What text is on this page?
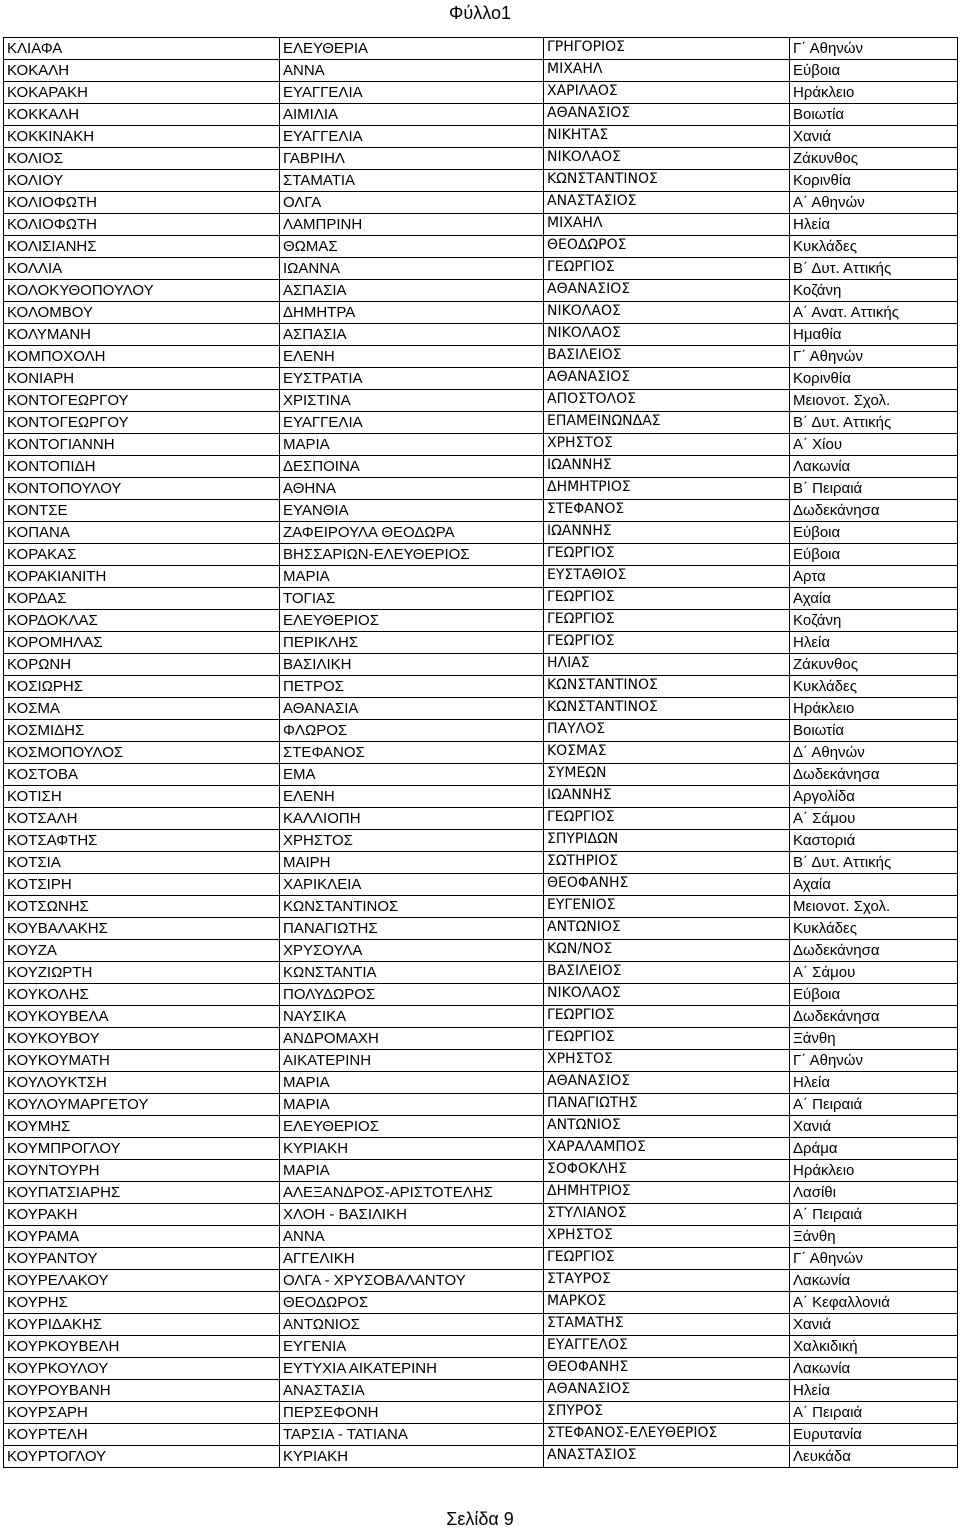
Φύλλο1
ΚΛΙΑΦΑ	ΕΛΕΥΘΕΡΙΑ	ΓΡΗΓΟΡΙΟΣ	Γ΄ Αθηνών
ΚΟΚΑΛΗ	ΑΝΝΑ	ΜΙΧΑΗΛ	Εύβοια
ΚΟΚΑΡΑΚΗ	ΕΥΑΓΓΕΛΙΑ	ΧΑΡΙΛΑΟΣ	Ηράκλειο
ΚΟΚΚΑΛΗ	ΑΙΜΙΛΙΑ	ΑΘΑΝΑΣΙΟΣ	Βοιωτία
ΚΟΚΚΙΝΑΚΗ	ΕΥΑΓΓΕΛΙΑ	ΝΙΚΗΤΑΣ	Χανιά
ΚΟΛΙΟΣ	ΓΑΒΡΙΗΛ	ΝΙΚΟΛΑΟΣ	Ζάκυνθος
ΚΟΛΙΟΥ	ΣΤΑΜΑΤΙΑ	ΚΩΝΣΤΑΝΤΙΝΟΣ	Κορινθία
ΚΟΛΙΟΦΩΤΗ	ΟΛΓΑ	ΑΝΑΣΤΑΣΙΟΣ	Α΄ Αθηνών
ΚΟΛΙΟΦΩΤΗ	ΛΑΜΠΡΙΝΗ	ΜΙΧΑΗΛ	Ηλεία
ΚΟΛΙΣΙΑΝΗΣ	ΘΩΜΑΣ	ΘΕΟΔΩΡΟΣ	Κυκλάδες
ΚΟΛΛΙΑ	ΙΩΑΝΝΑ	ΓΕΩΡΓΙΟΣ	Β΄ Δυτ. Αττικής
ΚΟΛΟΚΥΘΟΠΟΥΛΟΥ	ΑΣΠΑΣΙΑ	ΑΘΑΝΑΣΙΟΣ	Κοζάνη
ΚΟΛΟΜΒΟΥ	ΔΗΜΗΤΡΑ	ΝΙΚΟΛΑΟΣ	Α΄ Ανατ. Αττικής
ΚΟΛΥΜΑΝΗ	ΑΣΠΑΣΙΑ	ΝΙΚΟΛΑΟΣ	Ημαθία
ΚΟΜΠΟΧΟΛΗ	ΕΛΕΝΗ	ΒΑΣΙΛΕΙΟΣ	Γ΄ Αθηνών
ΚΟΝΙΑΡΗ	ΕΥΣΤΡΑΤΙΑ	ΑΘΑΝΑΣΙΟΣ	Κορινθία
ΚΟΝΤΟΓΕΩΡΓΟΥ	ΧΡΙΣΤΙΝΑ	ΑΠΟΣΤΟΛΟΣ	Μειονοτ. Σχολ.
ΚΟΝΤΟΓΕΩΡΓΟΥ	ΕΥΑΓΓΕΛΙΑ	ΕΠΑΜΕΙΝΩΝΔΑΣ	Β΄ Δυτ. Αττικής
ΚΟΝΤΟΓΙΑΝΝΗ	ΜΑΡΙΑ	ΧΡΗΣΤΟΣ	Α΄ Χίου
ΚΟΝΤΟΠΙΔΗ	ΔΕΣΠΟΙΝΑ	ΙΩΑΝΝΗΣ	Λακωνία
ΚΟΝΤΟΠΟΥΛΟΥ	ΑΘΗΝΑ	ΔΗΜΗΤΡΙΟΣ	Β΄ Πειραιά
ΚΟΝΤΣΕ	ΕΥΑΝΘΙΑ	ΣΤΕΦΑΝΟΣ	Δωδεκάνησα
ΚΟΠΑΝΑ	ΖΑΦΕΙΡΟΥΛΑ ΘΕΟΔΩΡΑ	ΙΩΑΝΝΗΣ	Εύβοια
ΚΟΡΑΚΑΣ	ΒΗΣΣΑΡΙΩΝ-ΕΛΕΥΘΕΡΙΟΣ	ΓΕΩΡΓΙΟΣ	Εύβοια
ΚΟΡΑΚΙΑΝΙΤΗ	ΜΑΡΙΑ	ΕΥΣΤΑΘΙΟΣ	Αρτα
ΚΟΡΔΑΣ	ΤΟΓΙΑΣ	ΓΕΩΡΓΙΟΣ	Αχαία
ΚΟΡΔΟΚΛΑΣ	ΕΛΕΥΘΕΡΙΟΣ	ΓΕΩΡΓΙΟΣ	Κοζάνη
ΚΟΡΟΜΗΛΑΣ	ΠΕΡΙΚΛΗΣ	ΓΕΩΡΓΙΟΣ	Ηλεία
ΚΟΡΩΝΗ	ΒΑΣΙΛΙΚΗ	ΗΛΙΑΣ	Ζάκυνθος
ΚΟΣΙΩΡΗΣ	ΠΕΤΡΟΣ	ΚΩΝΣΤΑΝΤΙΝΟΣ	Κυκλάδες
ΚΟΣΜΑ	ΑΘΑΝΑΣΙΑ	ΚΩΝΣΤΑΝΤΙΝΟΣ	Ηράκλειο
ΚΟΣΜΙΔΗΣ	ΦΛΩΡΟΣ	ΠΑΥΛΟΣ	Βοιωτία
ΚΟΣΜΟΠΟΥΛΟΣ	ΣΤΕΦΑΝΟΣ	ΚΟΣΜΑΣ	Δ΄ Αθηνών
ΚΟΣΤΟΒΑ	ΕΜΑ	ΣΥΜΕΩΝ	Δωδεκάνησα
ΚΟΤΙΣΗ	ΕΛΕΝΗ	ΙΩΑΝΝΗΣ	Αργολίδα
ΚΟΤΣΑΛΗ	ΚΑΛΛΙΟΠΗ	ΓΕΩΡΓΙΟΣ	Α΄ Σάμου
ΚΟΤΣΑΦΤΗΣ	ΧΡΗΣΤΟΣ	ΣΠΥΡΙΔΩΝ	Καστοριά
ΚΟΤΣΙΑ	ΜΑΙΡΗ	ΣΩΤΗΡΙΟΣ	Β΄ Δυτ. Αττικής
ΚΟΤΣΙΡΗ	ΧΑΡΙΚΛΕΙΑ	ΘΕΟΦΑΝΗΣ	Αχαία
ΚΟΤΣΩΝΗΣ	ΚΩΝΣΤΑΝΤΙΝΟΣ	ΕΥΓΕΝΙΟΣ	Μειονοτ. Σχολ.
ΚΟΥΒΑΛΑΚΗΣ	ΠΑΝΑΓΙΩΤΗΣ	ΑΝΤΩΝΙΟΣ	Κυκλάδες
ΚΟΥΖΑ	ΧΡΥΣΟΥΛΑ	ΚΩΝ/ΝΟΣ	Δωδεκάνησα
ΚΟΥΖΙΩΡΤΗ	ΚΩΝΣΤΑΝΤΙΑ	ΒΑΣΙΛΕΙΟΣ	Α΄ Σάμου
ΚΟΥΚΟΛΗΣ	ΠΟΛΥΔΩΡΟΣ	ΝΙΚΟΛΑΟΣ	Εύβοια
ΚΟΥΚΟΥΒΕΛΑ	ΝΑΥΣΙΚΑ	ΓΕΩΡΓΙΟΣ	Δωδεκάνησα
ΚΟΥΚΟΥΒΟΥ	ΑΝΔΡΟΜΑΧΗ	ΓΕΩΡΓΙΟΣ	Ξάνθη
ΚΟΥΚΟΥΜΑΤΗ	ΑΙΚΑΤΕΡΙΝΗ	ΧΡΗΣΤΟΣ	Γ΄ Αθηνών
ΚΟΥΛΟΥΚΤΣΗ	ΜΑΡΙΑ	ΑΘΑΝΑΣΙΟΣ	Ηλεία
ΚΟΥΛΟΥΜΑΡΓΕΤΟΥ	ΜΑΡΙΑ	ΠΑΝΑΓΙΩΤΗΣ	Α΄ Πειραιά
ΚΟΥΜΗΣ	ΕΛΕΥΘΕΡΙΟΣ	ΑΝΤΩΝΙΟΣ	Χανιά
ΚΟΥΜΠΡΟΓΛΟΥ	ΚΥΡΙΑΚΗ	ΧΑΡΑΛΑΜΠΟΣ	Δράμα
ΚΟΥΝΤΟΥΡΗ	ΜΑΡΙΑ	ΣΟΦΟΚΛΗΣ	Ηράκλειο
ΚΟΥΠΑΤΣΙΑΡΗΣ	ΑΛΕΞΑΝΔΡΟΣ-ΑΡΙΣΤΟΤΕΛΗΣ	ΔΗΜΗΤΡΙΟΣ	Λασίθι
ΚΟΥΡΑΚΗ	ΧΛΟΗ - ΒΑΣΙΛΙΚΗ	ΣΤΥΛΙΑΝΟΣ	Α΄ Πειραιά
ΚΟΥΡΑΜΑ	ΑΝΝΑ	ΧΡΗΣΤΟΣ	Ξάνθη
ΚΟΥΡΑΝΤΟΥ	ΑΓΓΕΛΙΚΗ	ΓΕΩΡΓΙΟΣ	Γ΄ Αθηνών
ΚΟΥΡΕΛΑΚΟΥ	ΟΛΓΑ - ΧΡΥΣΟΒΑΛΑΝΤΟΥ	ΣΤΑΥΡΟΣ	Λακωνία
ΚΟΥΡΗΣ	ΘΕΟΔΩΡΟΣ	ΜΑΡΚΟΣ	Α΄ Κεφαλλονιά
ΚΟΥΡΙΔΑΚΗΣ	ΑΝΤΩΝΙΟΣ	ΣΤΑΜΑΤΗΣ	Χανιά
ΚΟΥΡΚΟΥΒΕΛΗ	ΕΥΓΕΝΙΑ	ΕΥΑΓΓΕΛΟΣ	Χαλκιδική
ΚΟΥΡΚΟΥΛΟΥ	ΕΥΤΥΧΙΑ ΑΙΚΑΤΕΡΙΝΗ	ΘΕΟΦΑΝΗΣ	Λακωνία
ΚΟΥΡΟΥΒΑΝΗ	ΑΝΑΣΤΑΣΙΑ	ΑΘΑΝΑΣΙΟΣ	Ηλεία
ΚΟΥΡΣΑΡΗ	ΠΕΡΣΕΦΟΝΗ	ΣΠΥΡΟΣ	Α΄ Πειραιά
ΚΟΥΡΤΕΛΗ	ΤΑΡΣΙΑ - ΤΑΤΙΑΝΑ	ΣΤΕΦΑΝΟΣ-ΕΛΕΥΘΕΡΙΟΣ	Ευρυτανία
ΚΟΥΡΤΟΓΛΟΥ	ΚΥΡΙΑΚΗ	ΑΝΑΣΤΑΣΙΟΣ	Λευκάδα
Σελίδα 9
